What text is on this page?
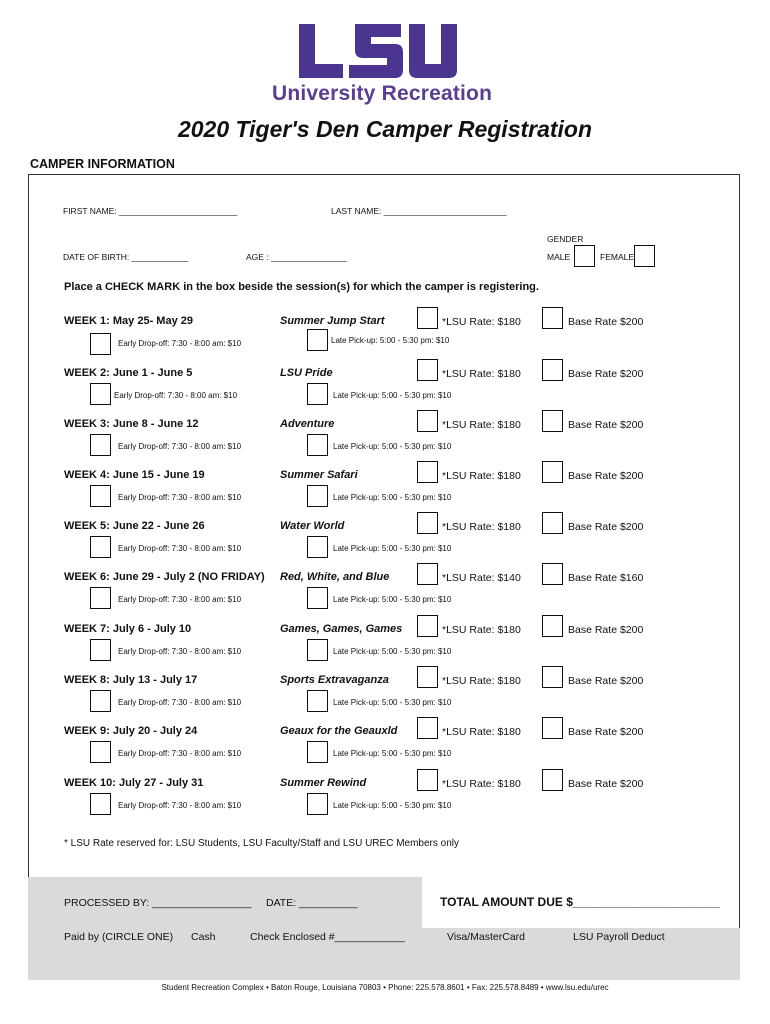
University Recreation
2020 Tiger's Den Camper Registration
CAMPER INFORMATION
FIRST NAME: _________________________	LAST NAME: __________________________
GENDER
DATE OF BIRTH: ____________	AGE : ________________	MALE	FEMALE
Place a CHECK MARK in the box beside the session(s) for which the camper is registering.
WEEK 1: May 25- May 29	Summer Jump Start	*LSU Rate: $180	Base Rate $200
Early Drop-off: 7:30 - 8:00 am: $10	Late Pick-up: 5:00 - 5:30 pm: $10
WEEK 2: June 1 - June 5	LSU Pride	*LSU Rate: $180	Base Rate $200
Early Drop-off: 7:30 - 8:00 am: $10	Late Pick-up: 5:00 - 5:30 pm: $10
WEEK 3: June 8 - June 12	Adventure	*LSU Rate: $180	Base Rate $200
Early Drop-off: 7:30 - 8:00 am: $10	Late Pick-up: 5:00 - 5:30 pm: $10
WEEK 4: June 15 - June 19	Summer Safari	*LSU Rate: $180	Base Rate $200
Early Drop-off: 7:30 - 8:00 am: $10	Late Pick-up: 5:00 - 5:30 pm: $10
WEEK 5: June 22 - June 26	Water World	*LSU Rate: $180	Base Rate $200
Early Drop-off: 7:30 - 8:00 am: $10	Late Pick-up: 5:00 - 5:30 pm: $10
WEEK 6: June 29 - July 2 (NO FRIDAY) Red, White, and Blue	*LSU Rate: $140	Base Rate $160
Early Drop-off: 7:30 - 8:00 am: $10	Late Pick-up: 5:00 - 5:30 pm: $10
WEEK 7: July 6 - July 10	Games, Games, Games	*LSU Rate: $180	Base Rate $200
Early Drop-off: 7:30 - 8:00 am: $10	Late Pick-up: 5:00 - 5:30 pm: $10
WEEK 8: July 13 - July 17	Sports Extravaganza	*LSU Rate: $180	Base Rate $200
Early Drop-off: 7:30 - 8:00 am: $10	Late Pick-up: 5:00 - 5:30 pm: $10
WEEK 9: July 20 - July 24	Geaux for the Geauxld	*LSU Rate: $180	Base Rate $200
Early Drop-off: 7:30 - 8:00 am: $10	Late Pick-up: 5:00 - 5:30 pm: $10
WEEK 10: July 27 - July 31	Summer Rewind	*LSU Rate: $180	Base Rate $200
Early Drop-off: 7:30 - 8:00 am: $10	Late Pick-up: 5:00 - 5:30 pm: $10
* LSU Rate reserved for: LSU Students, LSU Faculty/Staff and LSU UREC Members only
PROCESSED BY: _________________ DATE: __________	TOTAL AMOUNT DUE $______________________
Paid by (CIRCLE ONE) Cash	Check Enclosed #____________	Visa/MasterCard	LSU Payroll Deduct
Student Recreation Complex • Baton Rouge, Louisiana 70803 • Phone: 225.578.8601 • Fax: 225.578.8489 • www.lsu.edu/urec
